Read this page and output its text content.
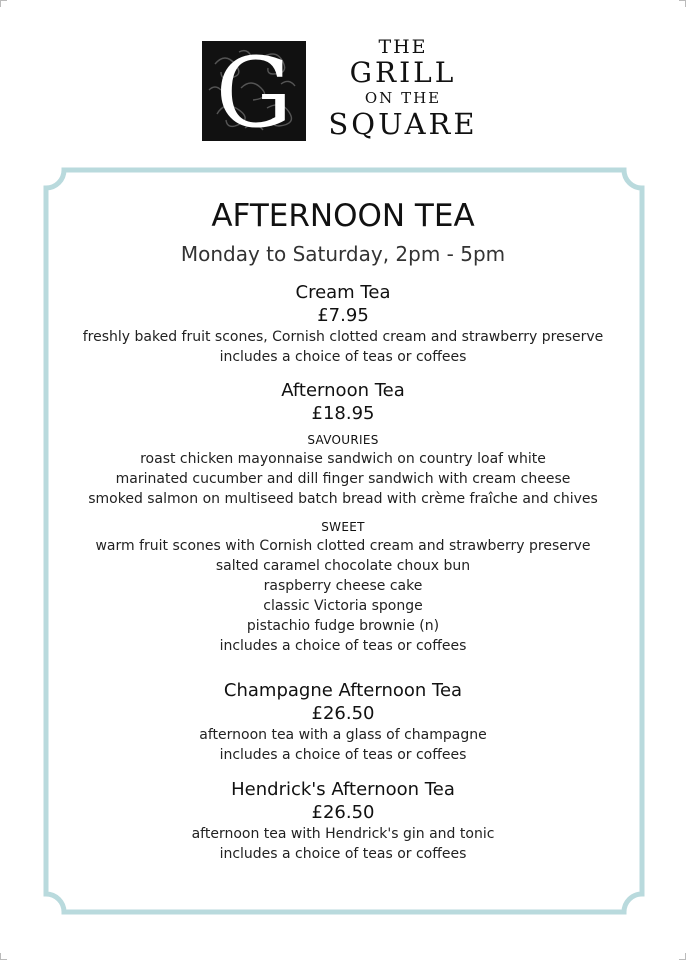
G	THE
GRILL
ON THE
SQUARE
AFTERNOON TEA
Monday to Saturday, 2pm - 5pm
Cream Tea
£7.95
freshly baked fruit scones, Cornish clotted cream and strawberry preserve
includes a choice of teas or coffees
Afternoon Tea
£18.95
SAVOURIES
roast chicken mayonnaise sandwich on country loaf white
marinated cucumber and dill finger sandwich with cream cheese
smoked salmon on multiseed batch bread with crème fraîche and chives
SWEET
warm fruit scones with Cornish clotted cream and strawberry preserve
salted caramel chocolate choux bun
raspberry cheese cake
classic Victoria sponge
pistachio fudge brownie (n)
includes a choice of teas or coffees
Champagne Afternoon Tea
£26.50
afternoon tea with a glass of champagne
includes a choice of teas or coffees
Hendrick's Afternoon Tea
£26.50
afternoon tea with Hendrick's gin and tonic
includes a choice of teas or coffees
